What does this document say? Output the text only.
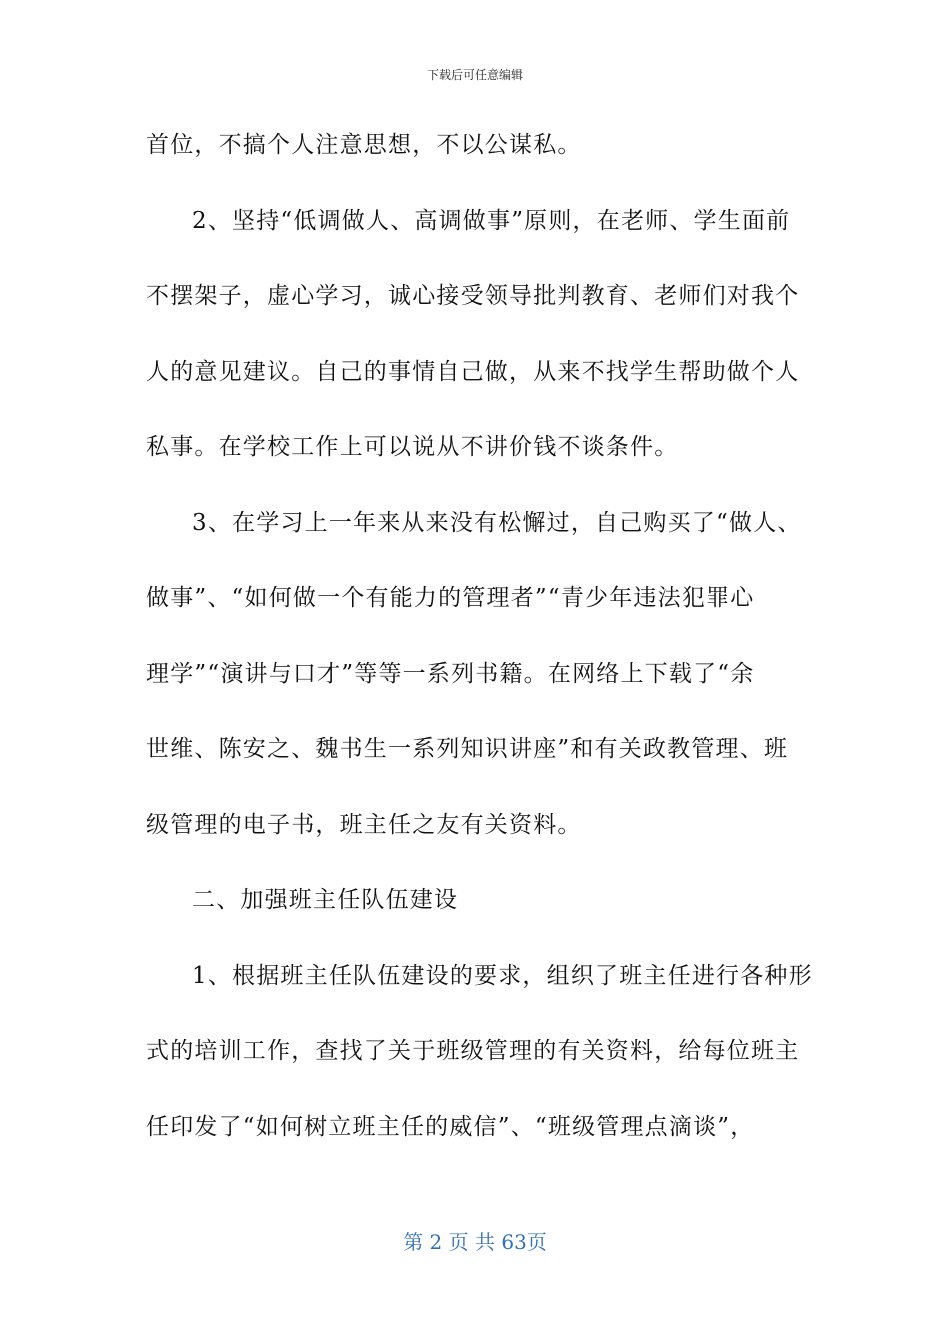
下载后可任意编辑
首位，不搞个人注意思想，不以公谋私。
2、坚持“低调做人、高调做事”原则，在老师、学生面前
不摆架子，虚心学习，诚心接受领导批判教育、老师们对我个
人的意见建议。自己的事情自己做，从来不找学生帮助做个人
私事。在学校工作上可以说从不讲价钱不谈条件。
3、在学习上一年来从来没有松懈过，自己购买了“做人、
做事”、“如何做一个有能力的管理者”“青少年违法犯罪心
理学”“演讲与口才”等等一系列书籍。在网络上下载了“余
世维、陈安之、魏书生一系列知识讲座”和有关政教管理、班
级管理的电子书，班主任之友有关资料。
二、加强班主任队伍建设
1、根据班主任队伍建设的要求，组织了班主任进行各种形
式的培训工作，查找了关于班级管理的有关资料，给每位班主
任印发了“如何树立班主任的威信”、“班级管理点滴谈”，
第 2 页 共 63页
